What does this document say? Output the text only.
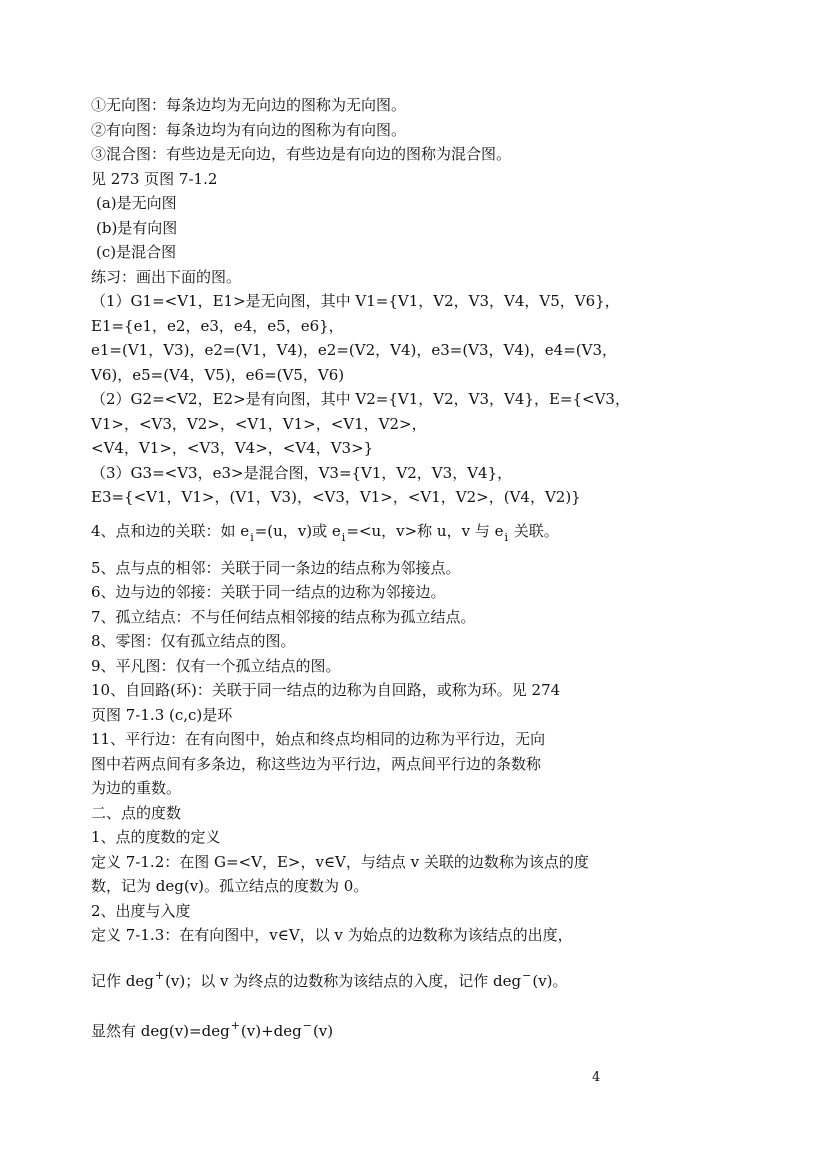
①无向图：每条边均为无向边的图称为无向图。
②有向图：每条边均为有向边的图称为有向图。
③混合图：有些边是无向边，有些边是有向边的图称为混合图。
见 273 页图 7-1.2
(a)是无向图
(b)是有向图
(c)是混合图
练习：画出下面的图。
（1）G1=<V1，E1>是无向图，其中 V1={V1，V2，V3，V4，V5，V6}，
E1={e1，e2，e3，e4，e5，e6}，
e1=(V1，V3)，e2=(V1，V4)，e2=(V2，V4)，e3=(V3，V4)，e4=(V3，
V6)，e5=(V4，V5)，e6=(V5，V6)
（2）G2=<V2，E2>是有向图，其中 V2={V1，V2，V3，V4}，E={<V3，
V1>，<V3，V2>，<V1，V1>，<V1，V2>，
<V4，V1>，<V3，V4>，<V4，V3>}
（3）G3=<V3，e3>是混合图，V3={V1，V2，V3，V4}，
E3={<V1，V1>，(V1，V3)，<V3，V1>，<V1，V2>，(V4，V2)}
4、点和边的关联：如 $e_i=(u$，v)或 $e_i=<u$，v>称 u，v 与 $e_i$ 关联。
5、点与点的相邻：关联于同一条边的结点称为邻接点。
6、边与边的邻接：关联于同一结点的边称为邻接边。
7、孤立结点：不与任何结点相邻接的结点称为孤立结点。
8、零图：仅有孤立结点的图。
9、平凡图：仅有一个孤立结点的图。
10、自回路(环)：关联于同一结点的边称为自回路，或称为环。见 274
页图 7-1.3 (c,c)是环
11、平行边：在有向图中，始点和终点均相同的边称为平行边，无向
图中若两点间有多条边，称这些边为平行边，两点间平行边的条数称
为边的重数。
二、点的度数
1、点的度数的定义
定义 7-1.2：在图 G=<V，E>，v∈V，与结点 v 关联的边数称为该点的度
数，记为 deg(v)。孤立结点的度数为 0。
2、出度与入度
定义 7-1.3：在有向图中，v∈V，以 v 为始点的边数称为该结点的出度，
记作 deg+(v)；以 v 为终点的边数称为该结点的入度，记作 deg−(v)。
显然有 deg(v)=deg+(v)+deg−(v)
4
